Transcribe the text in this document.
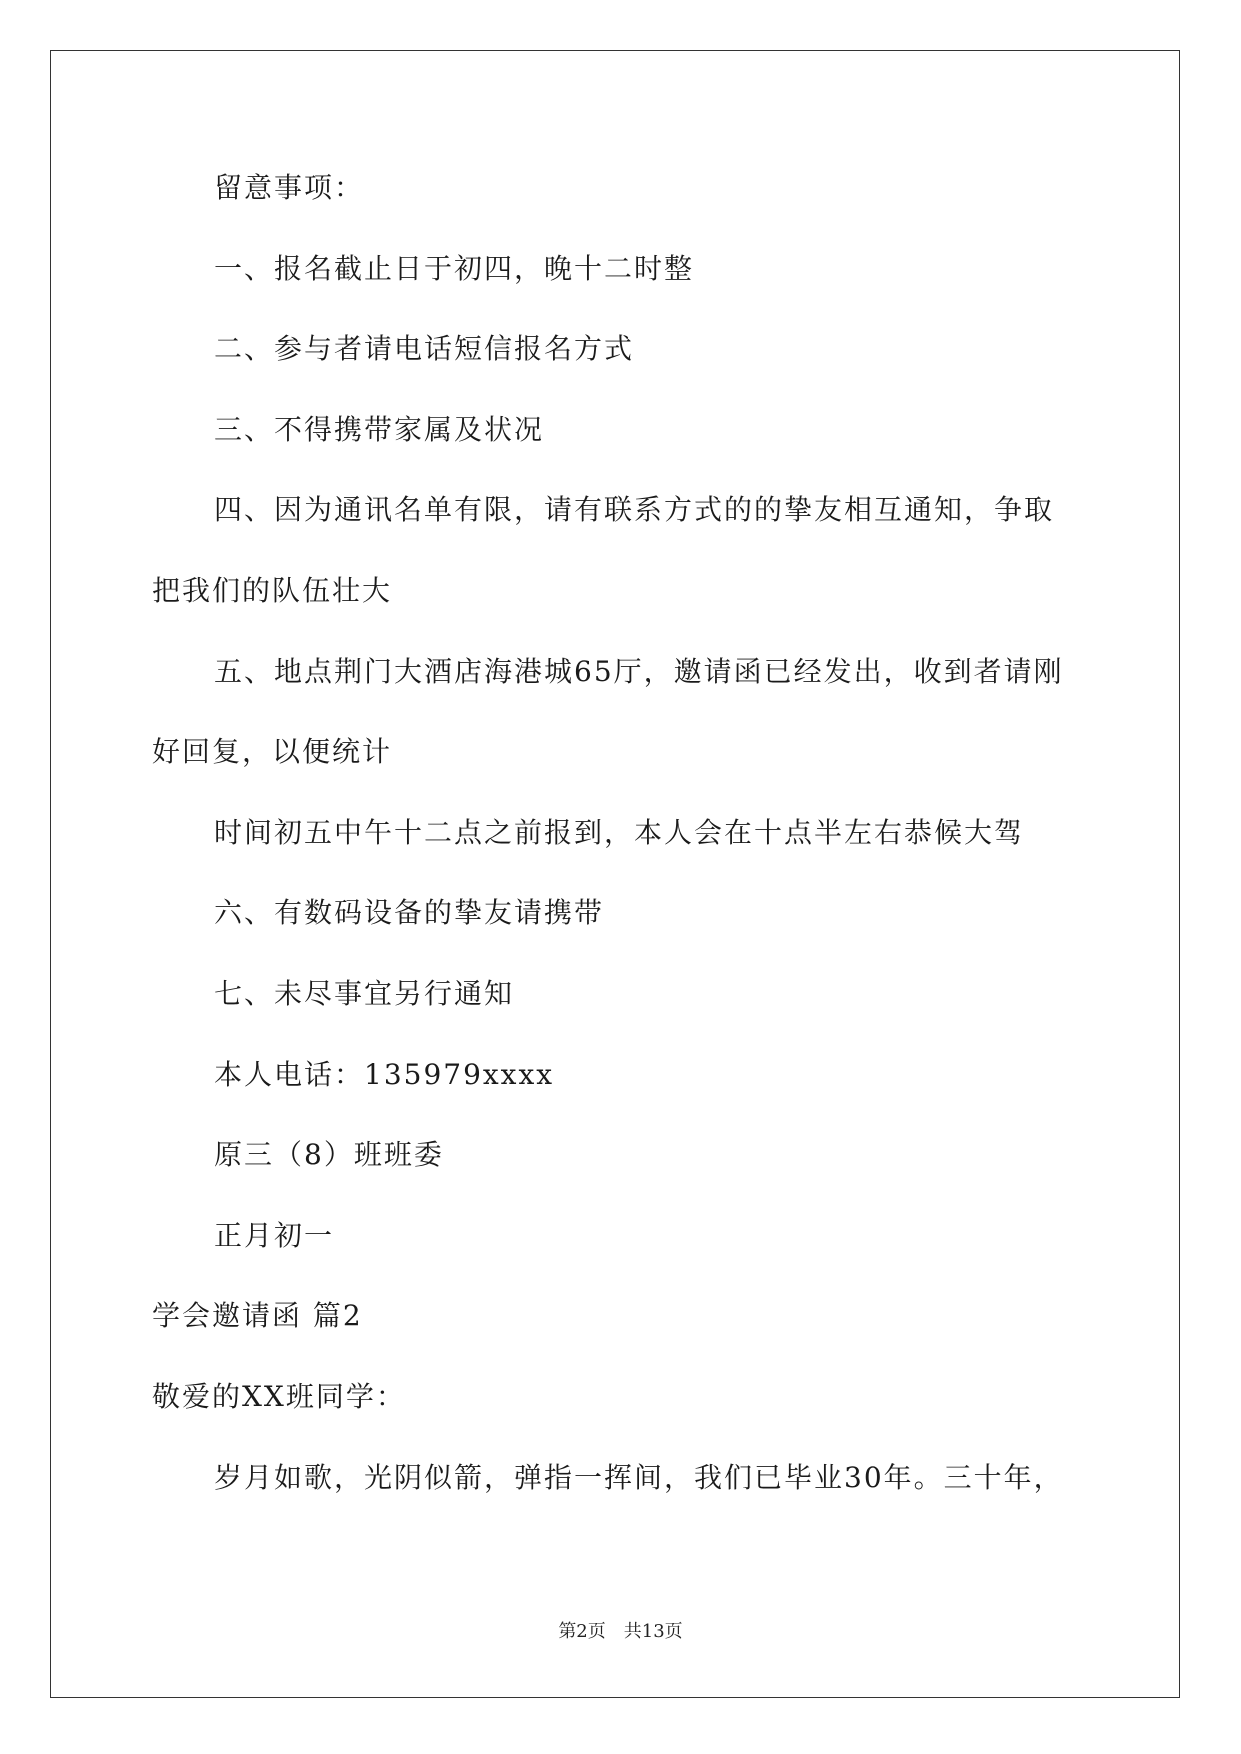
留意事项：
一、报名截止日于初四，晚十二时整
二、参与者请电话短信报名方式
三、不得携带家属及状况
四、因为通讯名单有限，请有联系方式的的挚友相互通知，争取
把我们的队伍壮大
五、地点荆门大酒店海港城65厅，邀请函已经发出，收到者请刚
好回复，以便统计
时间初五中午十二点之前报到，本人会在十点半左右恭候大驾
六、有数码设备的挚友请携带
七、未尽事宜另行通知
本人电话：135979xxxx
原三（8）班班委
正月初一
学会邀请函 篇2
敬爱的XX班同学：
岁月如歌，光阴似箭，弹指一挥间，我们已毕业30年。三十年，
第2页 共13页
